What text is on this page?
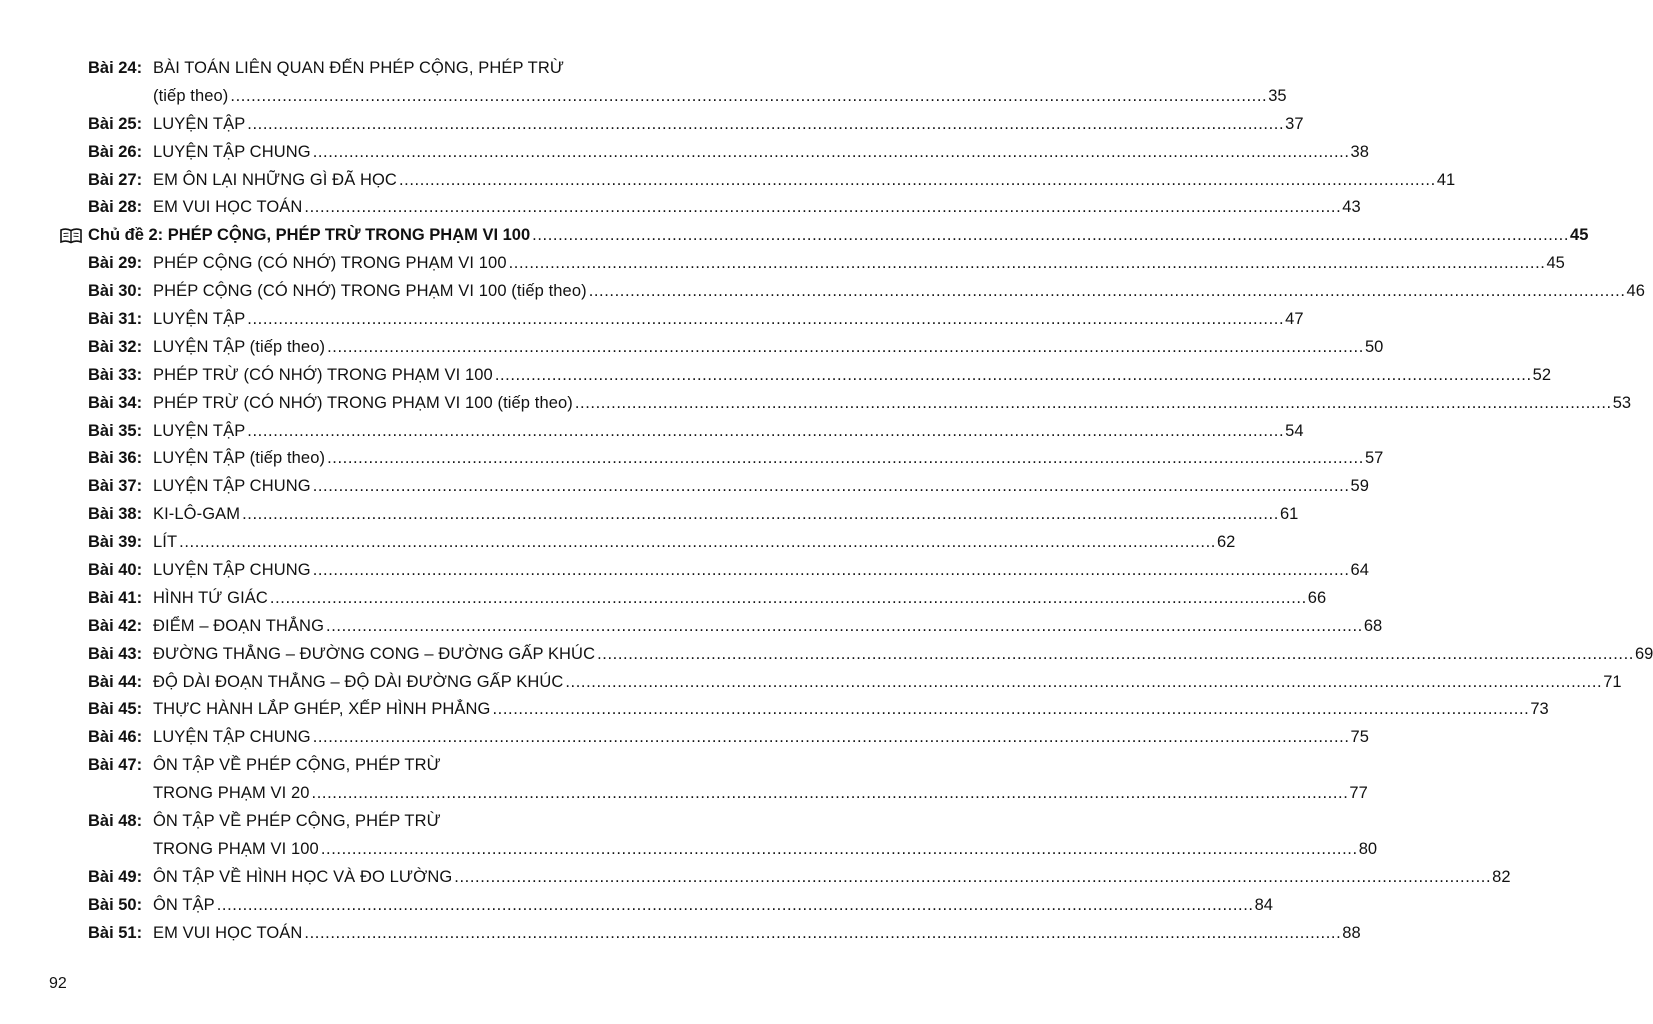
Bài 24: BÀI TOÁN LIÊN QUAN ĐẾN PHÉP CỘNG, PHÉP TRỪ
(tiếp theo) ........................................................................................................................................................................................................ 35
Bài 25: LUYỆN TẬP ........................................................................................................................................................................................................ 37
Bài 26: LUYỆN TẬP CHUNG ........................................................................................................................................................................................................ 38
Bài 27: EM ÔN LẠI NHỮNG GÌ ĐÃ HỌC ........................................................................................................................................................................................................ 41
Bài 28: EM VUI HỌC TOÁN ........................................................................................................................................................................................................ 43
Chủ đề 2: PHÉP CỘNG, PHÉP TRỪ TRONG PHẠM VI 100 ........................................................................................................................................................................................................ 45
Bài 29: PHÉP CỘNG (CÓ NHỚ) TRONG PHẠM VI 100 ........................................................................................................................................................................................................ 45
Bài 30: PHÉP CỘNG (CÓ NHỚ) TRONG PHẠM VI 100 (tiếp theo) ........................................................................................................................................................................................................ 46
Bài 31: LUYỆN TẬP ........................................................................................................................................................................................................ 47
Bài 32: LUYỆN TẬP (tiếp theo) ........................................................................................................................................................................................................ 50
Bài 33: PHÉP TRỪ (CÓ NHỚ) TRONG PHẠM VI 100 ........................................................................................................................................................................................................ 52
Bài 34: PHÉP TRỪ (CÓ NHỚ) TRONG PHẠM VI 100 (tiếp theo) ........................................................................................................................................................................................................ 53
Bài 35: LUYỆN TẬP ........................................................................................................................................................................................................ 54
Bài 36: LUYỆN TẬP (tiếp theo) ........................................................................................................................................................................................................ 57
Bài 37: LUYỆN TẬP CHUNG ........................................................................................................................................................................................................ 59
Bài 38: KI-LÔ-GAM ........................................................................................................................................................................................................ 61
Bài 39: LÍT ........................................................................................................................................................................................................ 62
Bài 40: LUYỆN TẬP CHUNG ........................................................................................................................................................................................................ 64
Bài 41: HÌNH TỨ GIÁC ........................................................................................................................................................................................................ 66
Bài 42: ĐIỂM – ĐOẠN THẲNG ........................................................................................................................................................................................................ 68
Bài 43: ĐƯỜNG THẲNG – ĐƯỜNG CONG – ĐƯỜNG GẤP KHÚC ........................................................................................................................................................................................................ 69
Bài 44: ĐỘ DÀI ĐOẠN THẲNG – ĐỘ DÀI ĐƯỜNG GẤP KHÚC ........................................................................................................................................................................................................ 71
Bài 45: THỰC HÀNH LẮP GHÉP, XẾP HÌNH PHẲNG ........................................................................................................................................................................................................ 73
Bài 46: LUYỆN TẬP CHUNG ........................................................................................................................................................................................................ 75
Bài 47: ÔN TẬP VỀ PHÉP CỘNG, PHÉP TRỪ
TRONG PHẠM VI 20 ........................................................................................................................................................................................................ 77
Bài 48: ÔN TẬP VỀ PHÉP CỘNG, PHÉP TRỪ
TRONG PHẠM VI 100 ........................................................................................................................................................................................................ 80
Bài 49: ÔN TẬP VỀ HÌNH HỌC VÀ ĐO LƯỜNG ........................................................................................................................................................................................................ 82
Bài 50: ÔN TẬP ........................................................................................................................................................................................................ 84
Bài 51: EM VUI HỌC TOÁN ........................................................................................................................................................................................................ 88
92
